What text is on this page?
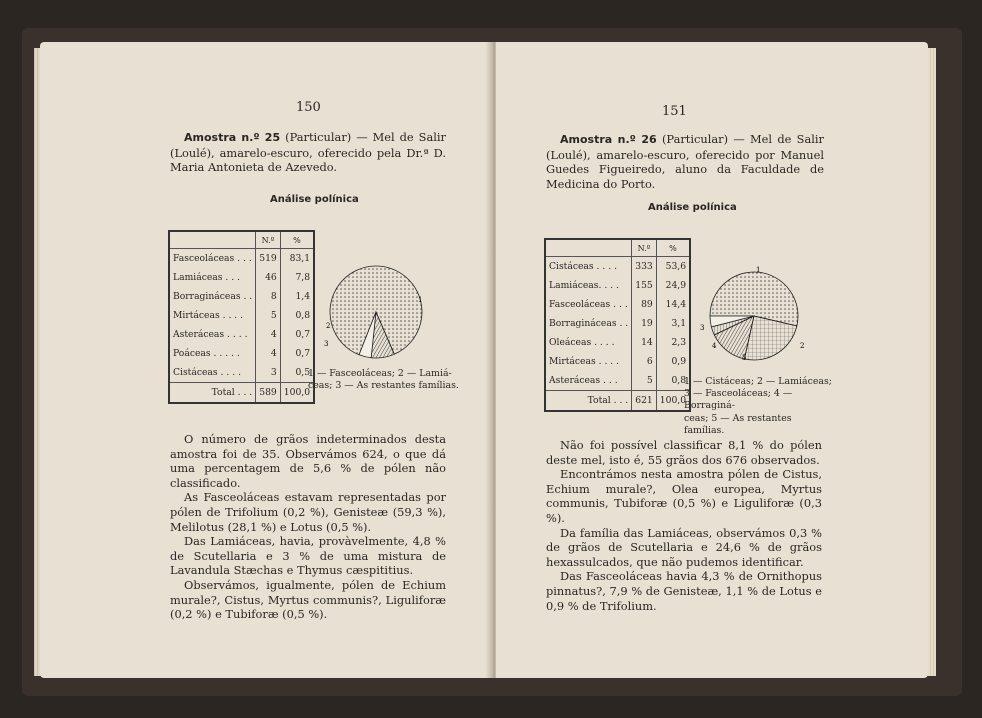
150
Amostra n.º 25 (Particular) — Mel de Salir (Loulé), amarelo-escuro, oferecido pela Dr.ª D. Maria Antonieta de Azevedo.
Análise polínica
	N.º	%
Fasceoláceas . . .	519	83,1
Lamiáceas . . .	46	7,8
Borragináceas . .	8	1,4
Mirtáceas . . . .	5	0,8
Asteráceas . . . .	4	0,7
Poáceas . . . . .	4	0,7
Cistáceas . . . .	3	0,5
Total . . .	589	100,0
1
2
3
1 — Fasceoláceas; 2 — Lamiá-
ceas; 3 — As restantes famílias.
O número de grãos indeterminados desta amostra foi de 35. Observámos 624, o que dá uma percentagem de 5,6 % de pólen não classificado.
As Fasceoláceas estavam representadas por pólen de Trifolium (0,2 %), Genisteæ (59,3 %), Melilotus (28,1 %) e Lotus (0,5 %).
Das Lamiáceas, havia, provàvelmente, 4,8 % de Scutellaria e 3 % de uma mistura de Lavandula Stæchas e Thymus cæspititius.
Observámos, igualmente, pólen de Echium murale?, Cistus, Myrtus communis?, Liguliforæ (0,2 %) e Tubiforæ (0,5 %).
151
Amostra n.º 26 (Particular) — Mel de Salir (Loulé), amarelo-escuro, oferecido por Manuel Guedes Figueiredo, aluno da Faculdade de Medicina do Porto.
Análise polínica
	N.º	%
Cistáceas . . . .	333	53,6
Lamiáceas. . . .	155	24,9
Fasceoláceas . . .	89	14,4
Borragináceas . .	19	3,1
Oleáceas . . . .	14	2,3
Mirtáceas . . . .	6	0,9
Asteráceas . . .	5	0,8
Total . . .	621	100,0
1
2
3
4
5
1 — Cistáceas; 2 — Lamiáceas;
3 — Fasceoláceas; 4 — Borraginá-
ceas; 5 — As restantes famílias.
Não foi possível classificar 8,1 % do pólen deste mel, isto é, 55 grãos dos 676 observados.
Encontrámos nesta amostra pólen de Cistus, Echium murale?, Olea europea, Myrtus communis, Tubiforæ (0,5 %) e Liguliforæ (0,3 %).
Da família das Lamiáceas, observámos 0,3 % de grãos de Scutellaria e 24,6 % de grãos hexassulcados, que não pudemos identificar.
Das Fasceoláceas havia 4,3 % de Ornithopus pinnatus?, 7,9 % de Genisteæ, 1,1 % de Lotus e 0,9 % de Trifolium.
